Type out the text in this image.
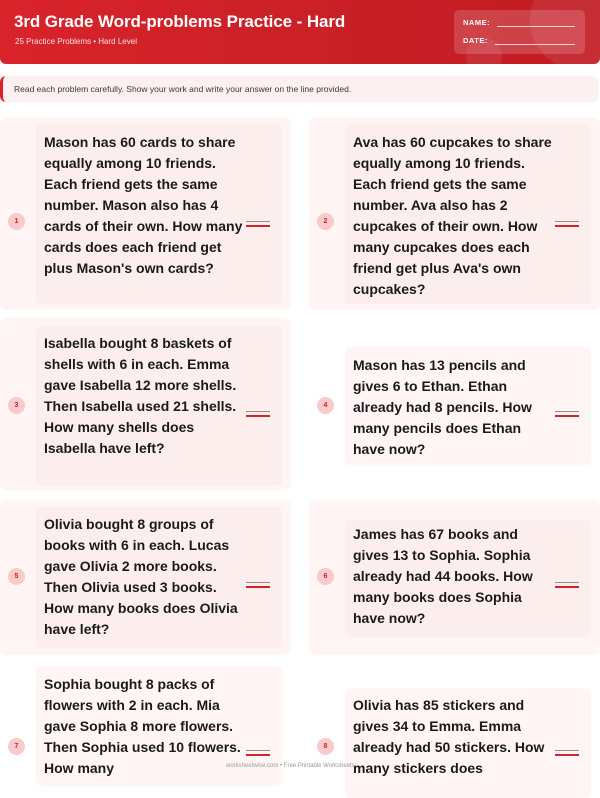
3rd Grade Word-problems Practice - Hard
25 Practice Problems • Hard Level
NAME:
DATE:
Read each problem carefully. Show your work and write your answer on the line provided.
1
Mason has 60 cards to share equally among 10 friends. Each friend gets the same number. Mason also has 4 cards of their own. How many cards does each friend get plus Mason's own cards?
2
Ava has 60 cupcakes to share equally among 10 friends. Each friend gets the same number. Ava also has 2 cupcakes of their own. How many cupcakes does each friend get plus Ava's own cupcakes?
3
Isabella bought 8 baskets of shells with 6 in each. Emma gave Isabella 12 more shells. Then Isabella used 21 shells. How many shells does Isabella have left?
4
Mason has 13 pencils and gives 6 to Ethan. Ethan already had 8 pencils. How many pencils does Ethan have now?
5
Olivia bought 8 groups of books with 6 in each. Lucas gave Olivia 2 more books. Then Olivia used 3 books. How many books does Olivia have left?
6
James has 67 books and gives 13 to Sophia. Sophia already had 44 books. How many books does Sophia have now?
7
Sophia bought 8 packs of flowers with 2 in each. Mia gave Sophia 8 more flowers. Then Sophia used 10 flowers. How many
8
Olivia has 85 stickers and gives 34 to Emma. Emma already had 50 stickers. How many stickers does
worksheetwise.com • Free Printable Worksheets
